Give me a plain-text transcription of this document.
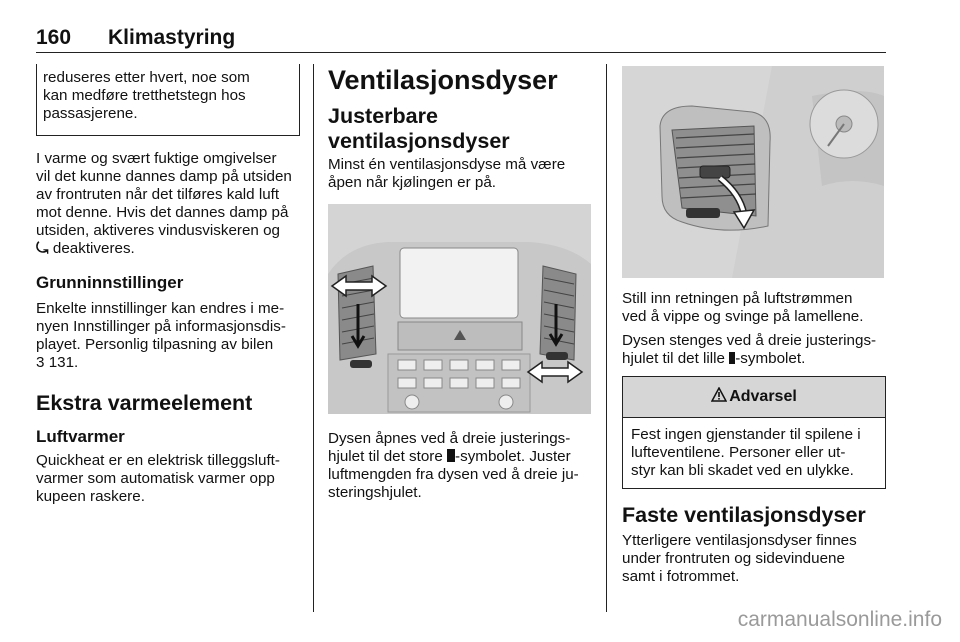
160 Klimastyring

reduseres etter hvert, noe som

kan medføre tretthetstegn hos

passasjerene.

I varme og svært fuktige omgivelser

vil det kunne dannes damp på utsiden

av frontruten når det tilføres kald luft

mot denne. Hvis det dannes damp på

utsiden, aktiveres vindusviskeren og

⤿ deaktiveres.

Grunninnstillinger

Enkelte innstillinger kan endres i me-

nyen Innstillinger på informasjonsdis-

playet. Personlig tilpasning av bilen

3 131.

Ekstra varmeelement
Luftvarmer

Quickheat er en elektrisk tilleggsluft-

varmer som automatisk varmer opp

kupeen raskere.

Ventilasjonsdyser
Justerbare
ventilasjonsdyser

Minst én ventilasjonsdyse må være

åpen når kjølingen er på.

Dysen åpnes ved å dreie justerings-

hjulet til det store -symbolet. Juster

luftmengden fra dysen ved å dreie ju-

steringshjulet.

Still inn retningen på luftstrømmen

ved å vippe og svinge på lamellene.

Dysen stenges ved å dreie justerings-

hjulet til det lille -symbolet.

Advarsel
Fest ingen gjenstander til spilene i
lufteventilene. Personer eller ut-
styr kan bli skadet ved en ulykke.
Faste ventilasjonsdyser

Ytterligere ventilasjonsdyser finnes

under frontruten og sidevinduene

samt i fotrommet.

carmanualsonline.info
